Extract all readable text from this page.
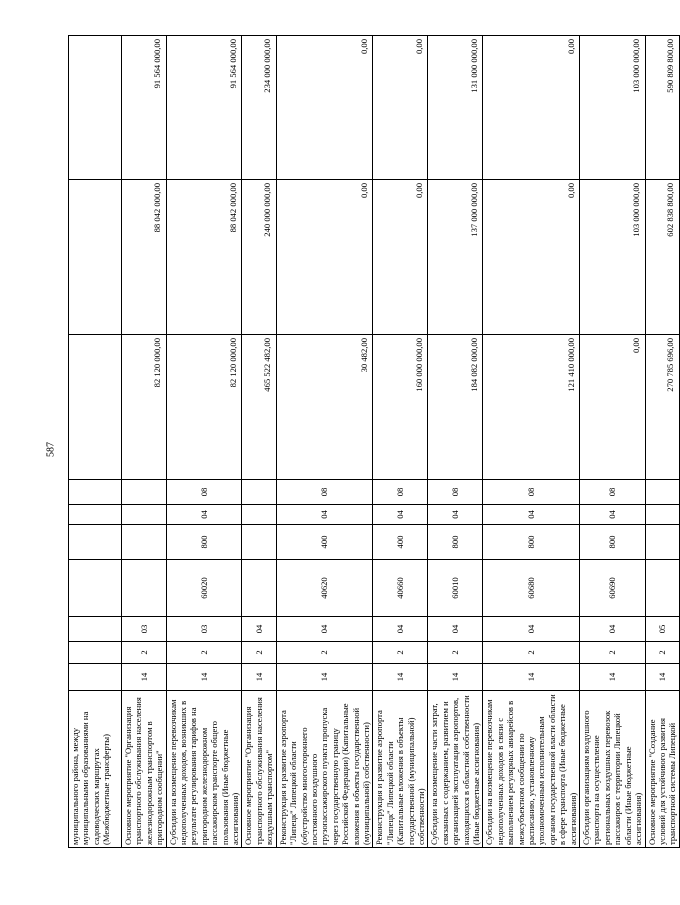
587
муниципального района, между муниципальными образованиями на садоводческих маршрутах (Межбюджетные трансферты)										
Основное мероприятие "Организация транспортного обслуживания населения железнодорожным транспортом в пригородном сообщении"	14	2	03					82 120 000,00	88 042 000,00	91 564 000,00
Субсидии на возмещение перевозчикам недополученных доходов, возникших в результате регулирования тарифов на пригородном железнодорожном пассажирском транспорте общего пользования (Иные бюджетные ассигнования)	14	2	03	60020	800	04	08	82 120 000,00	88 042 000,00	91 564 000,00
Основное мероприятие "Организация транспортного обслуживания населения воздушным транспортом"	14	2	04					465 522 482,00	240 000 000,00	234 000 000,00
Реконструкция и развитие аэропорта "Липецк" Липецкой области (обустройство многостороннего постоянного воздушного грузопассажирского пункта пропуска через государственную границу Российской Федерации) (Капитальные вложения в объекты государственной (муниципальной) собственности)	14	2	04	40620	400	04	08	30 482,00	0,00	0,00
Реконструкция и развитие аэропорта "Липецк" Липецкой области (Капитальные вложения в объекты государственной (муниципальной) собственности)	14	2	04	40660	400	04	08	160 000 000,00	0,00	0,00
Субсидии на возмещение части затрат, связанных с содержанием, развитием и организацией эксплуатации аэропортов, находящихся в областной собственности (Иные бюджетные ассигнования)	14	2	04	60010	800	04	08	184 082 000,00	137 000 000,00	131 000 000,00
Субсидии на возмещение перевозчикам недополученных доходов в связи с выполнением регулярных авиарейсов в межсубъектном сообщении по расписанию, установленному уполномоченным исполнительным органом государственной власти области в сфере транспорта (Иные бюджетные ассигнования)	14	2	04	60680	800	04	08	121 410 000,00	0,00	0,00
Субсидии организациям воздушного транспорта на осуществление региональных воздушных перевозок пассажиров с территории Липецкой области (Иные бюджетные ассигнования)	14	2	04	60690	800	04	08	0,00	103 000 000,00	103 000 000,00
Основное мероприятие "Создание условий для устойчивого развития транспортной системы Липецкой	14	2	05					270 785 696,00	602 838 800,00	590 809 800,00
